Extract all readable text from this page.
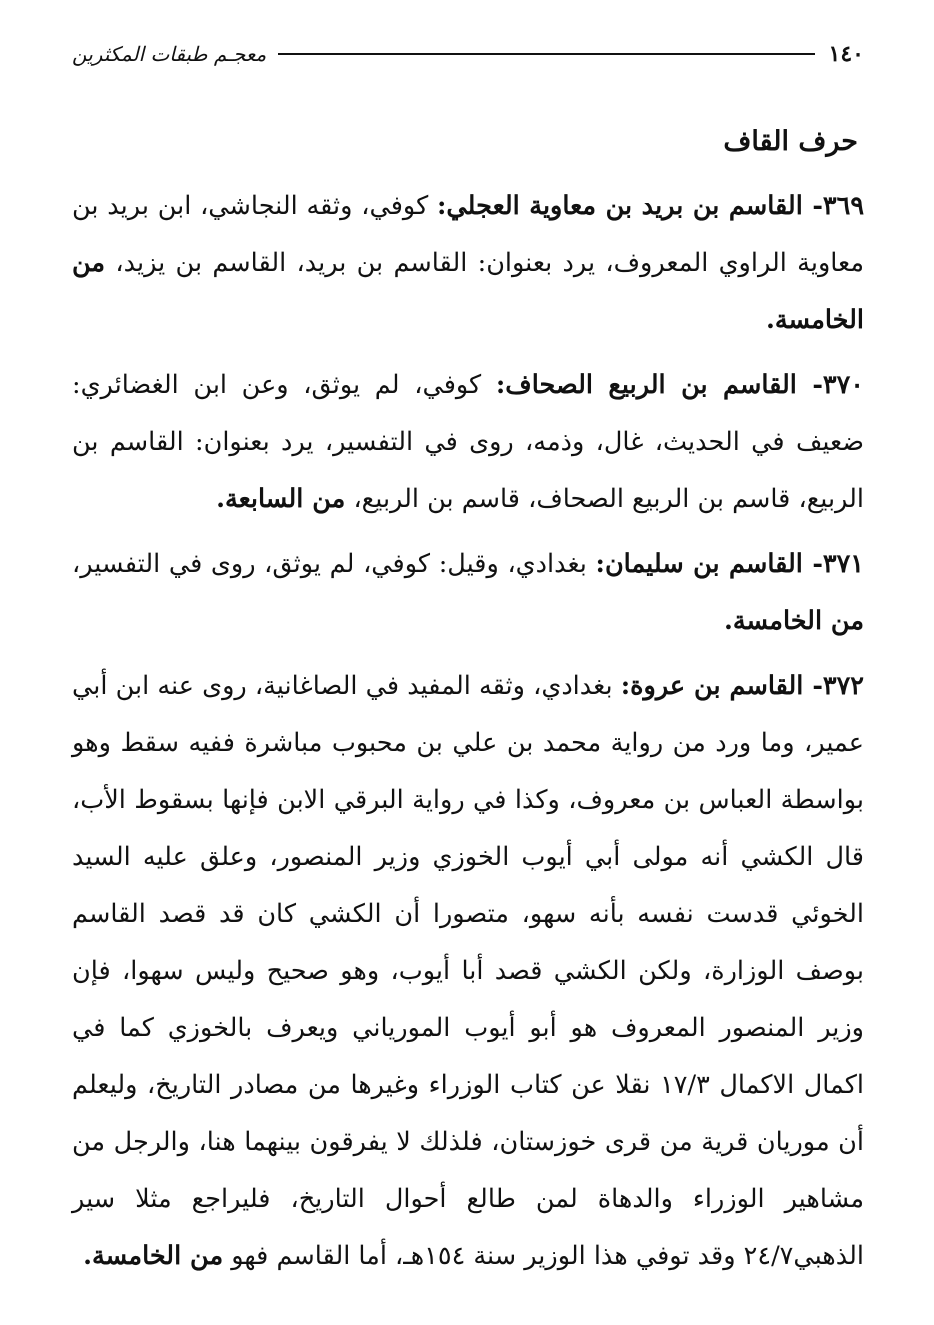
١٤٠
معجـم طبقات المكثرين
حرف القاف

٣٦٩- القاسم بن بريد بن معاوية العجلي: كوفي، وثقه النجاشي، ابن بريد بن معاوية الراوي المعروف، يرد بعنوان: القاسم بن بريد، القاسم بن يزيد، من الخامسة.

٣٧٠- القاسم بن الربيع الصحاف: كوفي، لم يوثق، وعن ابن الغضائري: ضعيف في الحديث، غال، وذمه، روى في التفسير، يرد بعنوان: القاسم بن الربيع، قاسم بن الربيع الصحاف، قاسم بن الربيع، من السابعة.

٣٧١- القاسم بن سليمان: بغدادي، وقيل: كوفي، لم يوثق، روى في التفسير، من الخامسة.

٣٧٢- القاسم بن عروة: بغدادي، وثقه المفيد في الصاغانية، روى عنه ابن أبي عمير، وما ورد من رواية محمد بن علي بن محبوب مباشرة ففيه سقط وهو بواسطة العباس بن معروف، وكذا في رواية البرقي الابن فإنها بسقوط الأب، قال الكشي أنه مولى أبي أيوب الخوزي وزير المنصور، وعلق عليه السيد الخوئي قدست نفسه بأنه سهو، متصورا أن الكشي كان قد قصد القاسم بوصف الوزارة، ولكن الكشي قصد أبا أيوب، وهو صحيح وليس سهوا، فإن وزير المنصور المعروف هو أبو أيوب المورياني ويعرف بالخوزي كما في اكمال الاكمال ١٧/٣ نقلا عن كتاب الوزراء وغيرها من مصادر التاريخ، وليعلم أن موريان قرية من قرى خوزستان، فلذلك لا يفرقون بينهما هنا، والرجل من مشاهير الوزراء والدهاة لمن طالع أحوال التاريخ، فليراجع مثلا سير الذهبي٢٤/٧ وقد توفي هذا الوزير سنة ١٥٤هـ، أما القاسم فهو من الخامسة.
